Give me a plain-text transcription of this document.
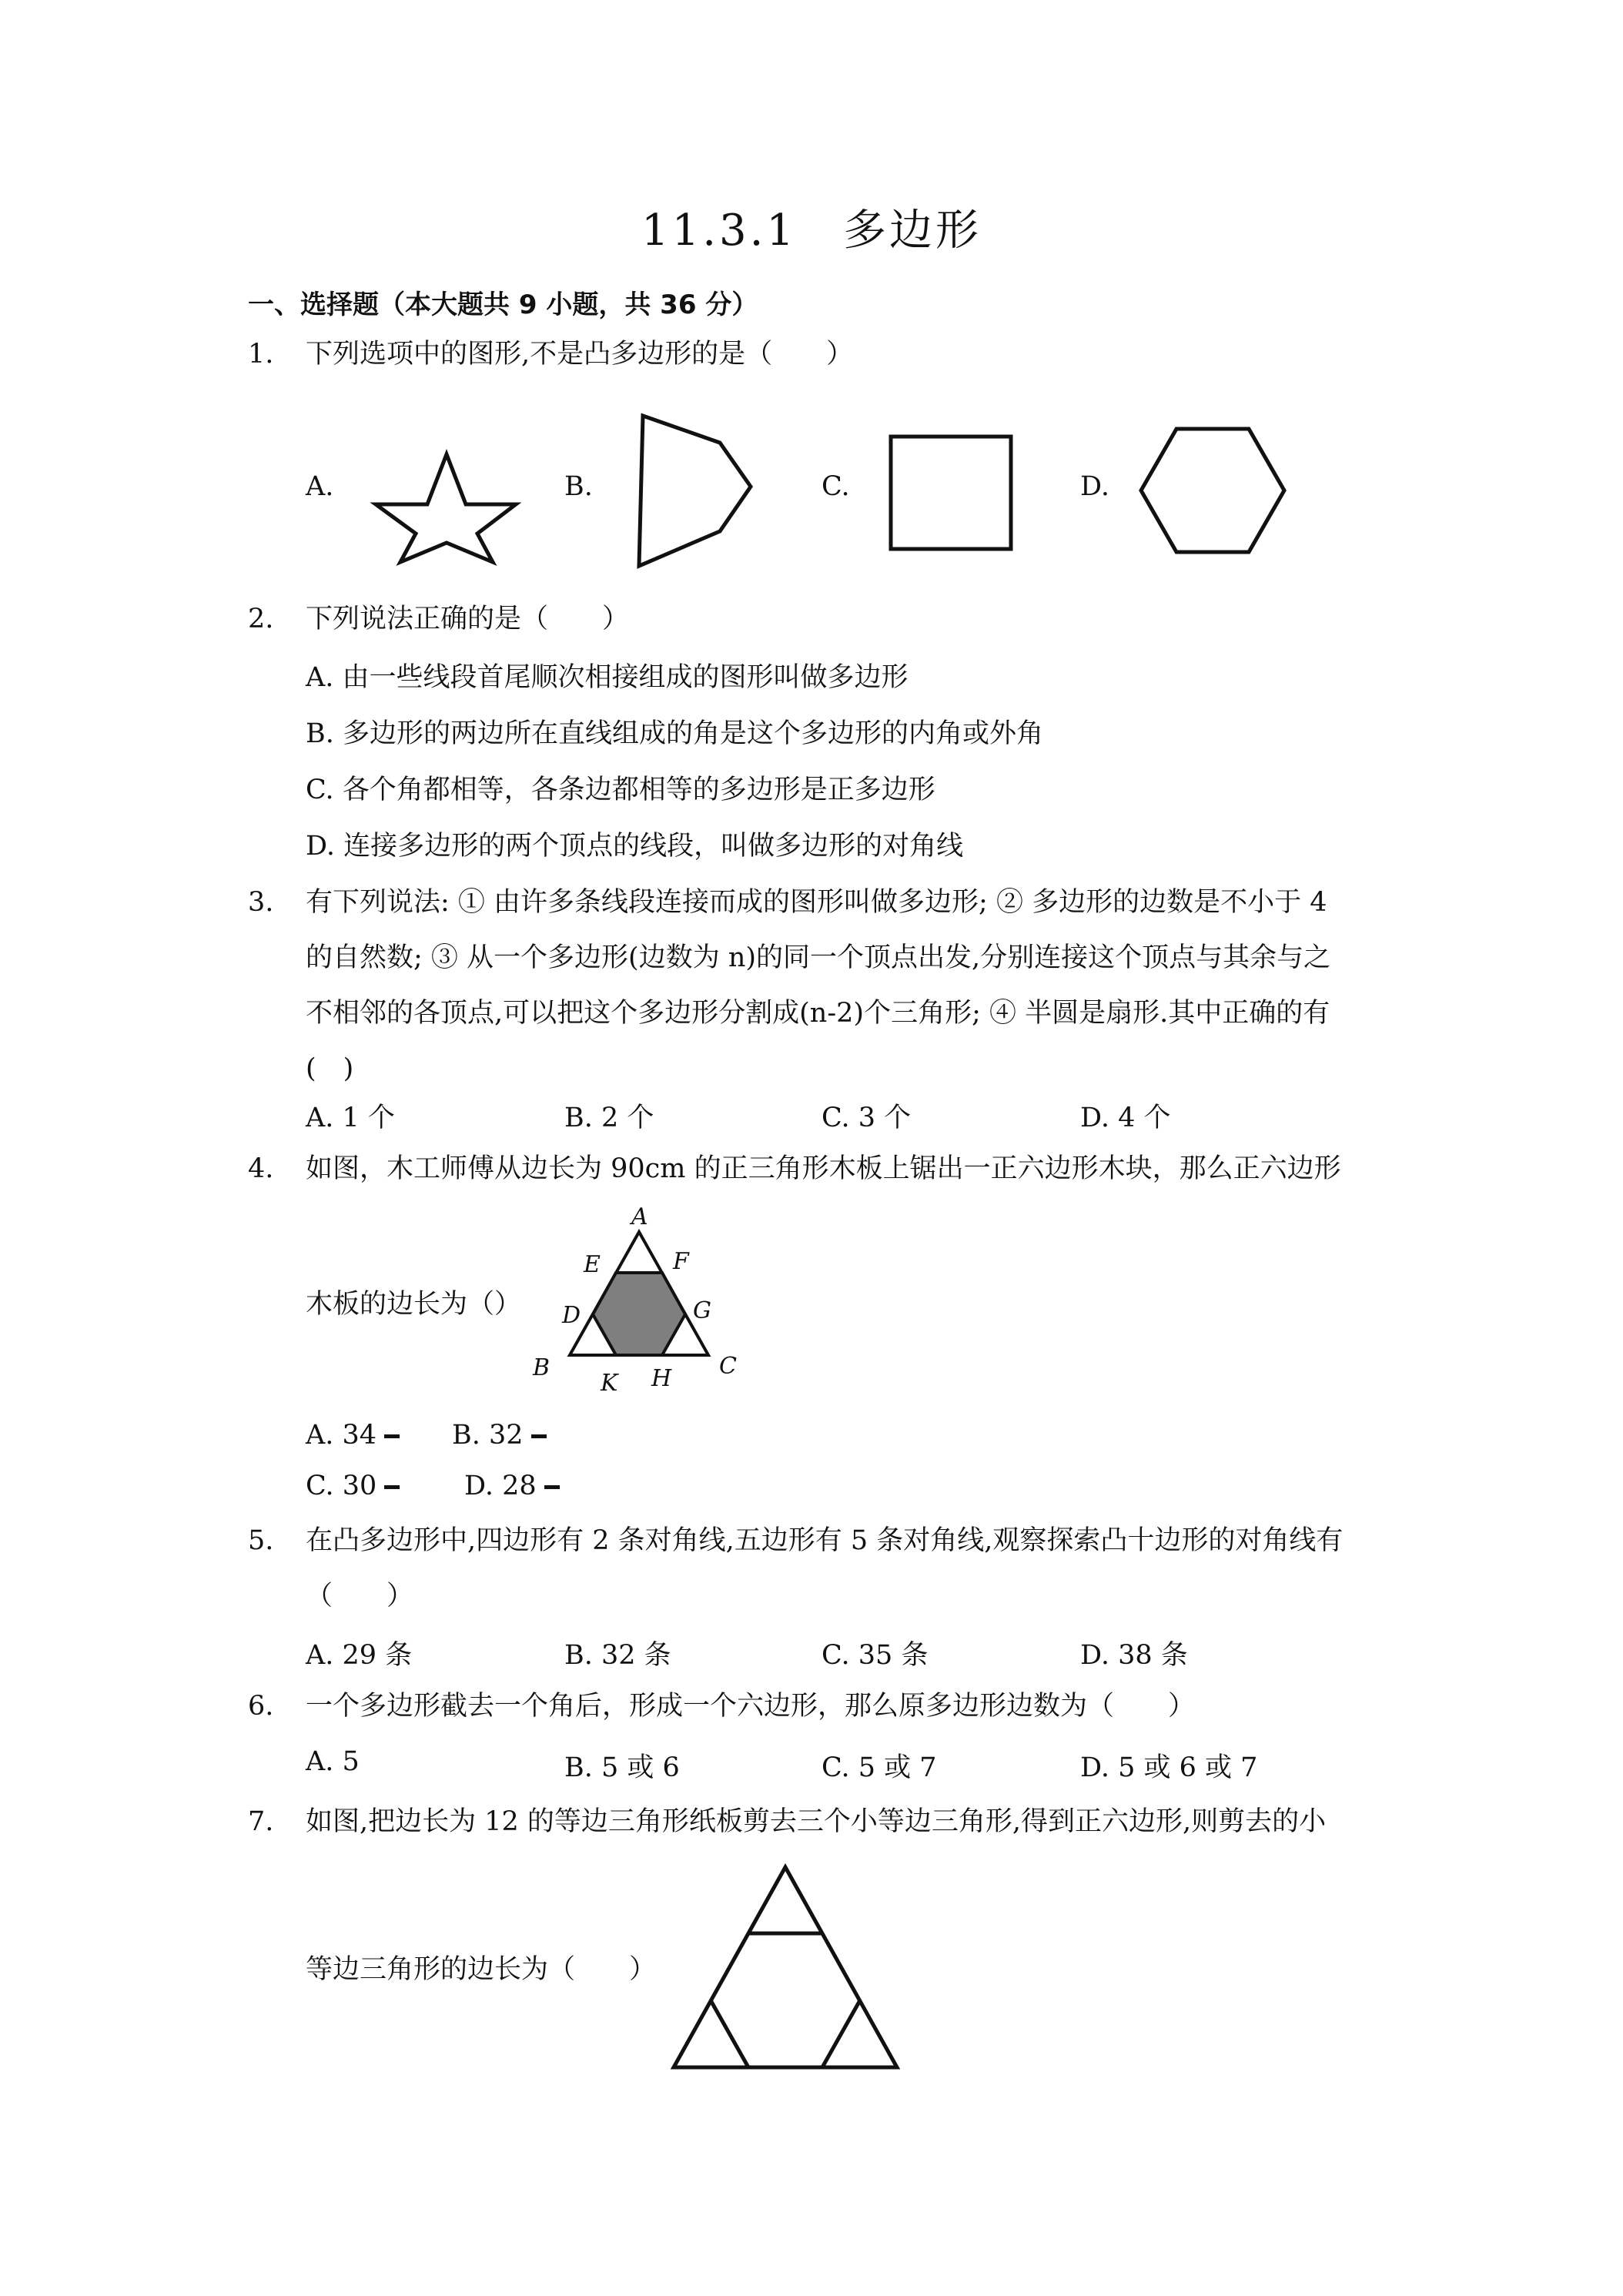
11.3.1　多边形
一、选择题（本大题共 9 小题，共 36 分）
1. 下列选项中的图形,不是凸多边形的是（　　）
A.	B.	C.	D.
2. 下列说法正确的是（　　）
A. 由一些线段首尾顺次相接组成的图形叫做多边形
B. 多边形的两边所在直线组成的角是这个多边形的内角或外角
C. 各个角都相等，各条边都相等的多边形是正多边形
D. 连接多边形的两个顶点的线段，叫做多边形的对角线
3. 有下列说法: ① 由许多条线段连接而成的图形叫做多边形; ② 多边形的边数是不小于 4
的自然数; ③ 从一个多边形(边数为 n)的同一个顶点出发,分别连接这个顶点与其余与之
不相邻的各顶点,可以把这个多边形分割成(n-2)个三角形; ④ 半圆是扇形.其中正确的有
(　)
A. 1 个	B. 2 个	C. 3 个	D. 4 个
4. 如图，木工师傅从边长为 90cm 的正三角形木板上锯出一正六边形木块，那么正六边形
木板的边长为（）
A
E	F
D	G
B
K H C
A. 34	B. 32
C. 30	D. 28
5. 在凸多边形中,四边形有 2 条对角线,五边形有 5 条对角线,观察探索凸十边形的对角线有
（　　）
A. 29 条	B. 32 条	C. 35 条	D. 38 条
6. 一个多边形截去一个角后，形成一个六边形，那么原多边形边数为（　　）
A. 5	B. 5 或 6	C. 5 或 7	D. 5 或 6 或 7
7. 如图,把边长为 12 的等边三角形纸板剪去三个小等边三角形,得到正六边形,则剪去的小
等边三角形的边长为（　　）
